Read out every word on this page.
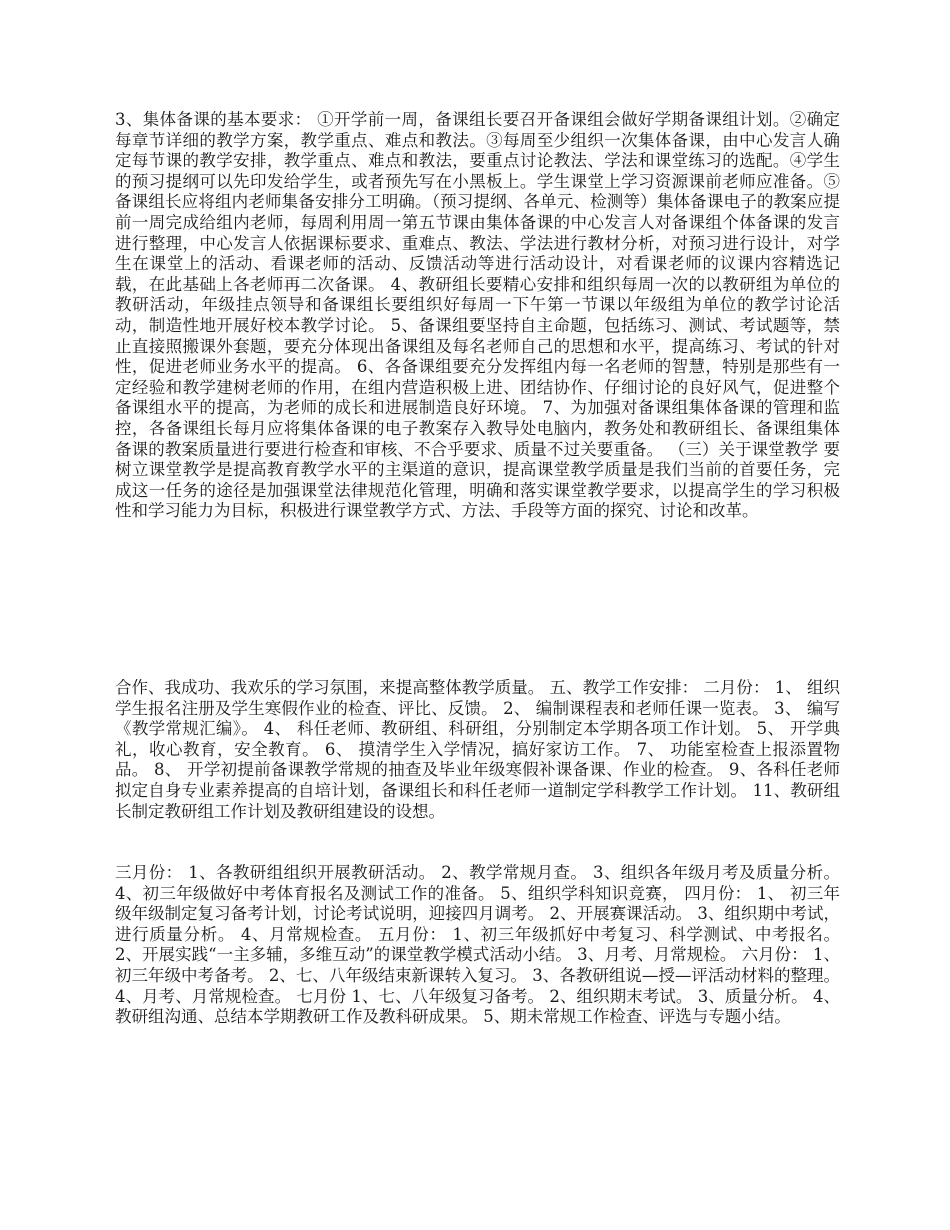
3、集体备课的基本要求： ①开学前一周，备课组长要召开备课组会做好学期备课组计划。②确定每章节详细的教学方案，教学重点、难点和教法。③每周至少组织一次集体备课，由中心发言人确定每节课的教学安排，教学重点、难点和教法，要重点讨论教法、学法和课堂练习的选配。④学生的预习提纲可以先印发给学生，或者预先写在小黑板上。学生课堂上学习资源课前老师应准备。⑤备课组长应将组内老师集备安排分工明确。（预习提纲、各单元、检测等）集体备课电子的教案应提前一周完成给组内老师，每周利用周一第五节课由集体备课的中心发言人对备课组个体备课的发言进行整理，中心发言人依据课标要求、重难点、教法、学法进行教材分析，对预习进行设计，对学生在课堂上的活动、看课老师的活动、反馈活动等进行活动设计，对看课老师的议课内容精选记载，在此基础上各老师再二次备课。 4、教研组长要精心安排和组织每周一次的以教研组为单位的教研活动，年级挂点领导和备课组长要组织好每周一下午第一节课以年级组为单位的教学讨论活动，制造性地开展好校本教学讨论。 5、备课组要坚持自主命题，包括练习、测试、考试题等，禁止直接照搬课外套题，要充分体现出备课组及每名老师自己的思想和水平，提高练习、考试的针对性，促进老师业务水平的提高。 6、各备课组要充分发挥组内每一名老师的智慧，特别是那些有一定经验和教学建树老师的作用，在组内营造积极上进、团结协作、仔细讨论的良好风气，促进整个备课组水平的提高，为老师的成长和进展制造良好环境。 7、为加强对备课组集体备课的管理和监控，各备课组长每月应将集体备课的电子教案存入教导处电脑内，教务处和教研组长、备课组集体备课的教案质量进行要进行检查和审核、不合乎要求、质量不过关要重备。 （三）关于课堂教学 要树立课堂教学是提高教育教学水平的主渠道的意识，提高课堂教学质量是我们当前的首要任务，完成这一任务的途径是加强课堂法律规范化管理，明确和落实课堂教学要求，以提高学生的学习积极性和学习能力为目标，积极进行课堂教学方式、方法、手段等方面的探究、讨论和改革。

合作、我成功、我欢乐的学习氛围，来提高整体教学质量。 五、教学工作安排： 二月份： 1、 组织学生报名注册及学生寒假作业的检查、评比、反馈。 2、 编制课程表和老师任课一览表。 3、 编写《教学常规汇编》。 4、 科任老师、教研组、科研组，分别制定本学期各项工作计划。 5、 开学典礼，收心教育，安全教育。 6、 摸清学生入学情况，搞好家访工作。 7、 功能室检查上报添置物品。 8、 开学初提前备课教学常规的抽查及毕业年级寒假补课备课、作业的检查。 9、各科任老师拟定自身专业素养提高的自培计划，备课组长和科任老师一道制定学科教学工作计划。 11、教研组长制定教研组工作计划及教研组建设的设想。

三月份： 1、各教研组组织开展教研活动。 2、教学常规月查。 3、组织各年级月考及质量分析。 4、初三年级做好中考体育报名及测试工作的准备。 5、组织学科知识竞赛， 四月份： 1、 初三年级年级制定复习备考计划，讨论考试说明，迎接四月调考。 2、开展赛课活动。 3、组织期中考试，进行质量分析。 4、月常规检查。 五月份： 1、初三年级抓好中考复习、科学测试、中考报名。 2、开展实践“一主多辅，多维互动”的课堂教学模式活动小结。 3、月考、月常规检。 六月份： 1、 初三年级中考备考。 2、七、八年级结束新课转入复习。 3、各教研组说—授—评活动材料的整理。 4、月考、月常规检查。 七月份 1、七、八年级复习备考。 2、组织期末考试。 3、质量分析。 4、教研组沟通、总结本学期教研工作及教科研成果。 5、期未常规工作检查、评选与专题小结。
